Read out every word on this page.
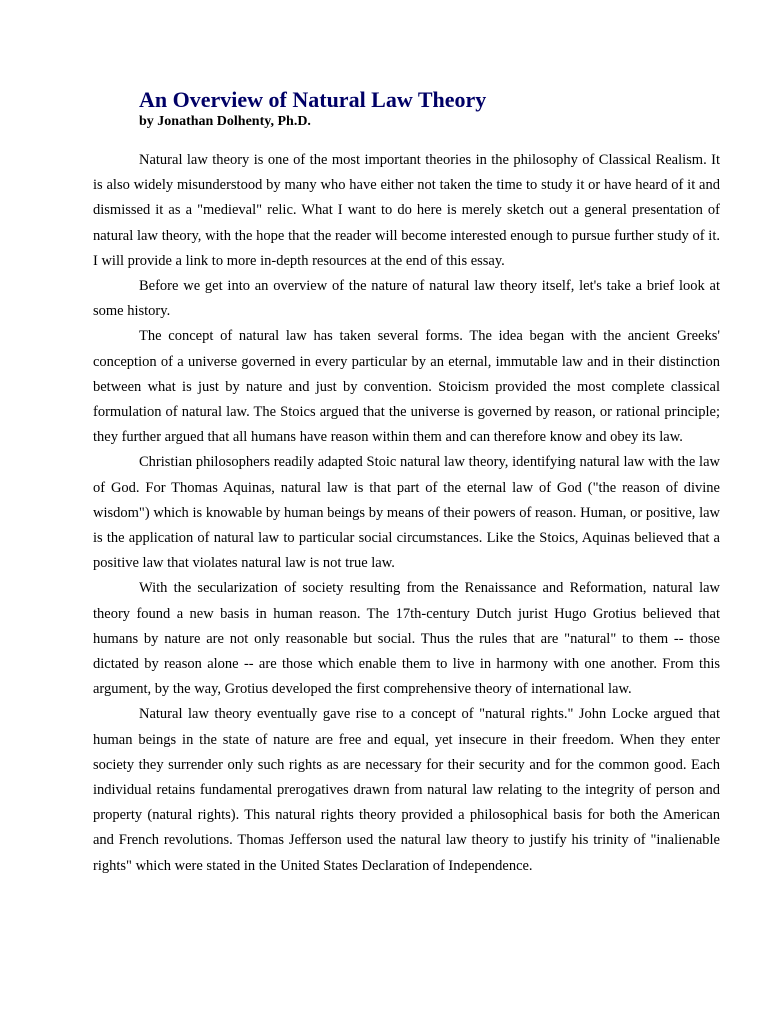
An Overview of Natural Law Theory

by Jonathan Dolhenty, Ph.D.

Natural law theory is one of the most important theories in the philosophy of Classical Realism. It is also widely misunderstood by many who have either not taken the time to study it or have heard of it and dismissed it as a "medieval" relic. What I want to do here is merely sketch out a general presentation of natural law theory, with the hope that the reader will become interested enough to pursue further study of it. I will provide a link to more in-depth resources at the end of this essay.

Before we get into an overview of the nature of natural law theory itself, let's take a brief look at some history.

The concept of natural law has taken several forms. The idea began with the ancient Greeks' conception of a universe governed in every particular by an eternal, immutable law and in their distinction between what is just by nature and just by convention. Stoicism provided the most complete classical formulation of natural law. The Stoics argued that the universe is governed by reason, or rational principle; they further argued that all humans have reason within them and can therefore know and obey its law.

Christian philosophers readily adapted Stoic natural law theory, identifying natural law with the law of God. For Thomas Aquinas, natural law is that part of the eternal law of God ("the reason of divine wisdom") which is knowable by human beings by means of their powers of reason. Human, or positive, law is the application of natural law to particular social circumstances. Like the Stoics, Aquinas believed that a positive law that violates natural law is not true law.

With the secularization of society resulting from the Renaissance and Reformation, natural law theory found a new basis in human reason. The 17th-century Dutch jurist Hugo Grotius believed that humans by nature are not only reasonable but social. Thus the rules that are "natural" to them -- those dictated by reason alone -- are those which enable them to live in harmony with one another. From this argument, by the way, Grotius developed the first comprehensive theory of international law.

Natural law theory eventually gave rise to a concept of "natural rights." John Locke argued that human beings in the state of nature are free and equal, yet insecure in their freedom. When they enter society they surrender only such rights as are necessary for their security and for the common good. Each individual retains fundamental prerogatives drawn from natural law relating to the integrity of person and property (natural rights). This natural rights theory provided a philosophical basis for both the American and French revolutions. Thomas Jefferson used the natural law theory to justify his trinity of "inalienable rights" which were stated in the United States Declaration of Independence.
